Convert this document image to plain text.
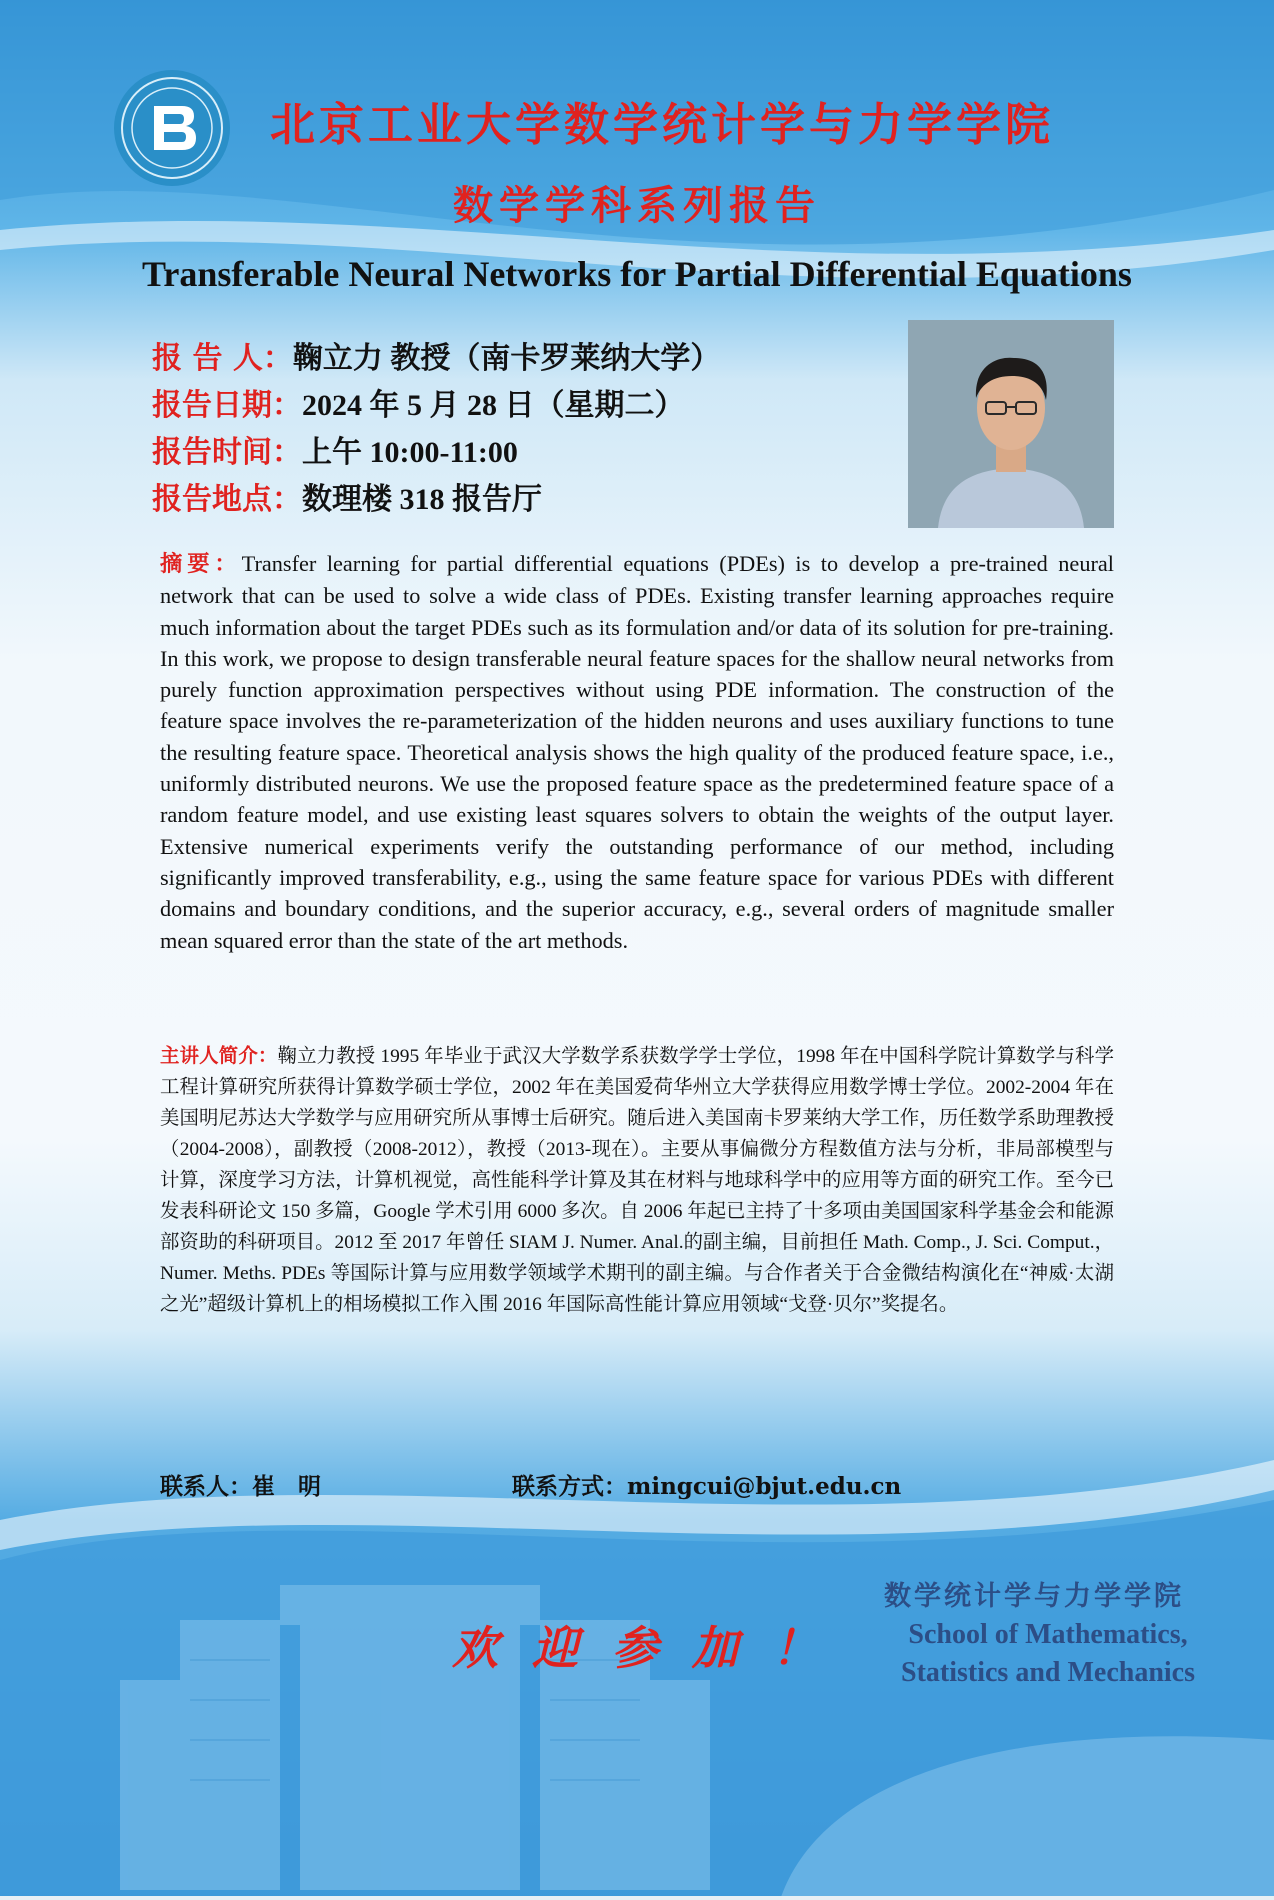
北京工业大学数学统计学与力学学院
数学学科系列报告
Transferable Neural Networks for Partial Differential Equations
报 告 人：鞠立力 教授（南卡罗莱纳大学）
报告日期：2024 年 5 月 28 日（星期二）
报告时间：上午 10:00-11:00
报告地点：数理楼 318 报告厅
摘要：Transfer learning for partial differential equations (PDEs) is to develop a pre-trained neural network that can be used to solve a wide class of PDEs. Existing transfer learning approaches require much information about the target PDEs such as its formulation and/or data of its solution for pre-training. In this work, we propose to design transferable neural feature spaces for the shallow neural networks from purely function approximation perspectives without using PDE information. The construction of the feature space involves the re-parameterization of the hidden neurons and uses auxiliary functions to tune the resulting feature space. Theoretical analysis shows the high quality of the produced feature space, i.e., uniformly distributed neurons. We use the proposed feature space as the predetermined feature space of a random feature model, and use existing least squares solvers to obtain the weights of the output layer. Extensive numerical experiments verify the outstanding performance of our method, including significantly improved transferability, e.g., using the same feature space for various PDEs with different domains and boundary conditions, and the superior accuracy, e.g., several orders of magnitude smaller mean squared error than the state of the art methods.
主讲人简介：鞠立力教授 1995 年毕业于武汉大学数学系获数学学士学位，1998 年在中国科学院计算数学与科学工程计算研究所获得计算数学硕士学位，2002 年在美国爱荷华州立大学获得应用数学博士学位。2002-2004 年在美国明尼苏达大学数学与应用研究所从事博士后研究。随后进入美国南卡罗莱纳大学工作，历任数学系助理教授（2004-2008），副教授（2008-2012），教授（2013-现在）。主要从事偏微分方程数值方法与分析，非局部模型与计算，深度学习方法，计算机视觉，高性能科学计算及其在材料与地球科学中的应用等方面的研究工作。至今已发表科研论文 150 多篇，Google 学术引用 6000 多次。自 2006 年起已主持了十多项由美国国家科学基金会和能源部资助的科研项目。2012 至 2017 年曾任 SIAM J. Numer. Anal.的副主编，目前担任 Math. Comp., J. Sci. Comput.，Numer. Meths. PDEs 等国际计算与应用数学领域学术期刊的副主编。与合作者关于合金微结构演化在“神威·太湖之光”超级计算机上的相场模拟工作入围 2016 年国际高性能计算应用领域“戈登·贝尔”奖提名。
联系人：崔　明	联系方式：mingcui@bjut.edu.cn
欢迎参加！
数学统计学与力学学院
School of Mathematics,
Statistics and Mechanics
